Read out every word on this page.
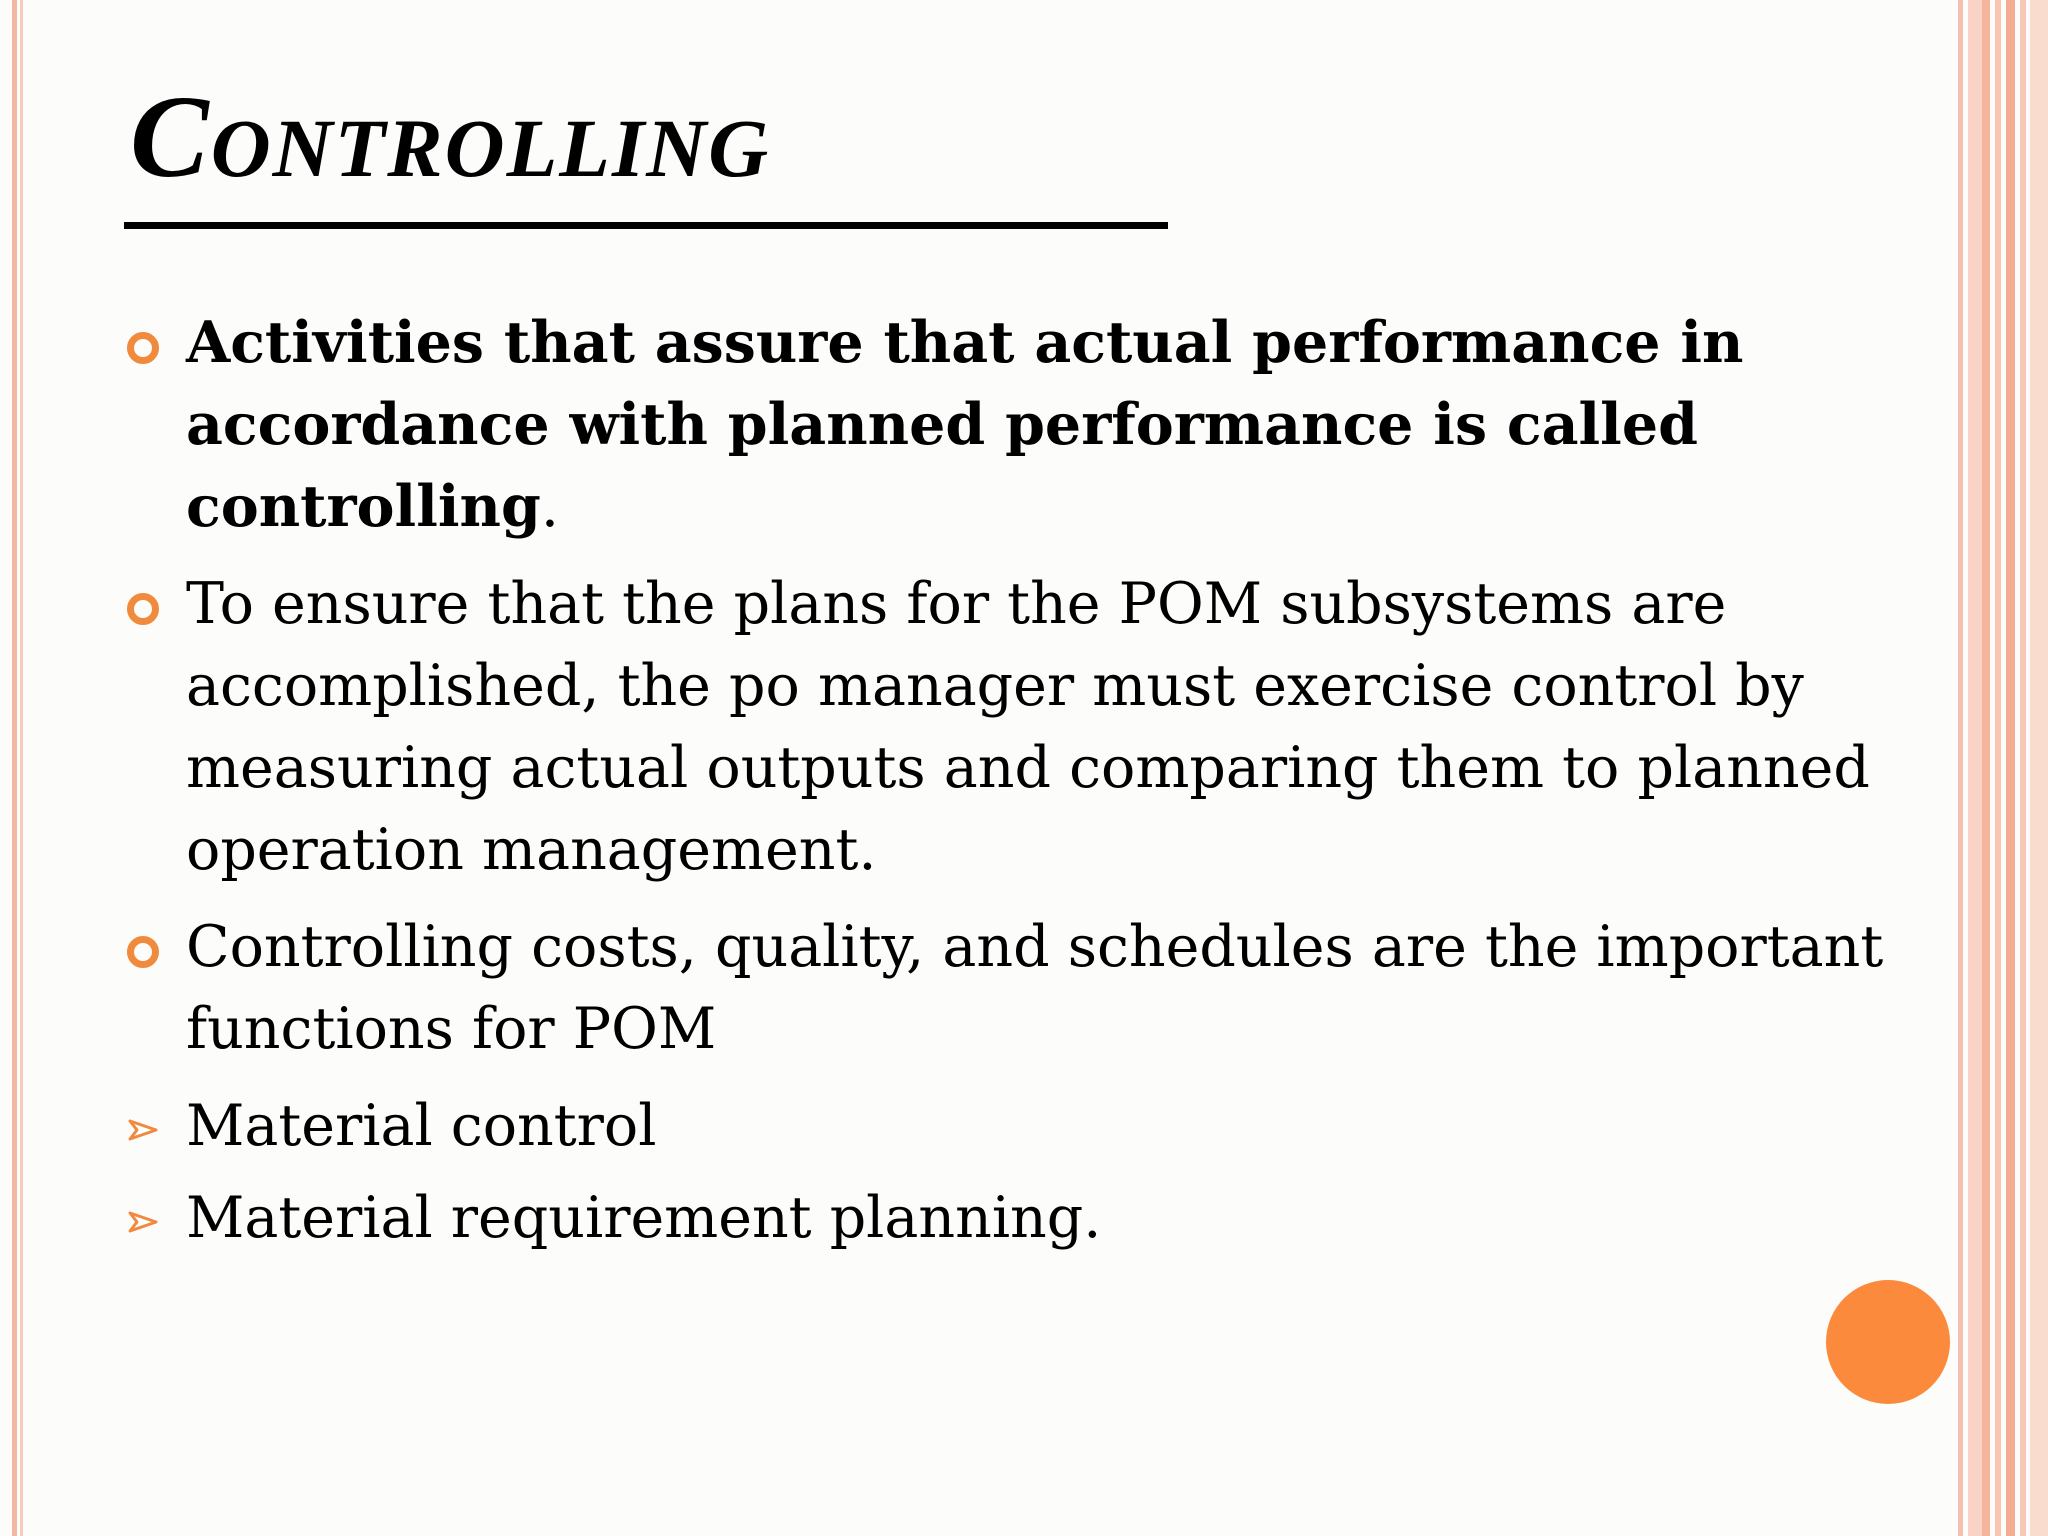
Controlling
Activities that assure that actual performance in accordance with planned performance is called controlling.
To ensure that the plans for the POM subsystems are accomplished, the po manager must exercise control by measuring actual outputs and comparing them to planned operation management.
Controlling costs, quality, and schedules are the important functions for POM
Material control
Material requirement planning.
